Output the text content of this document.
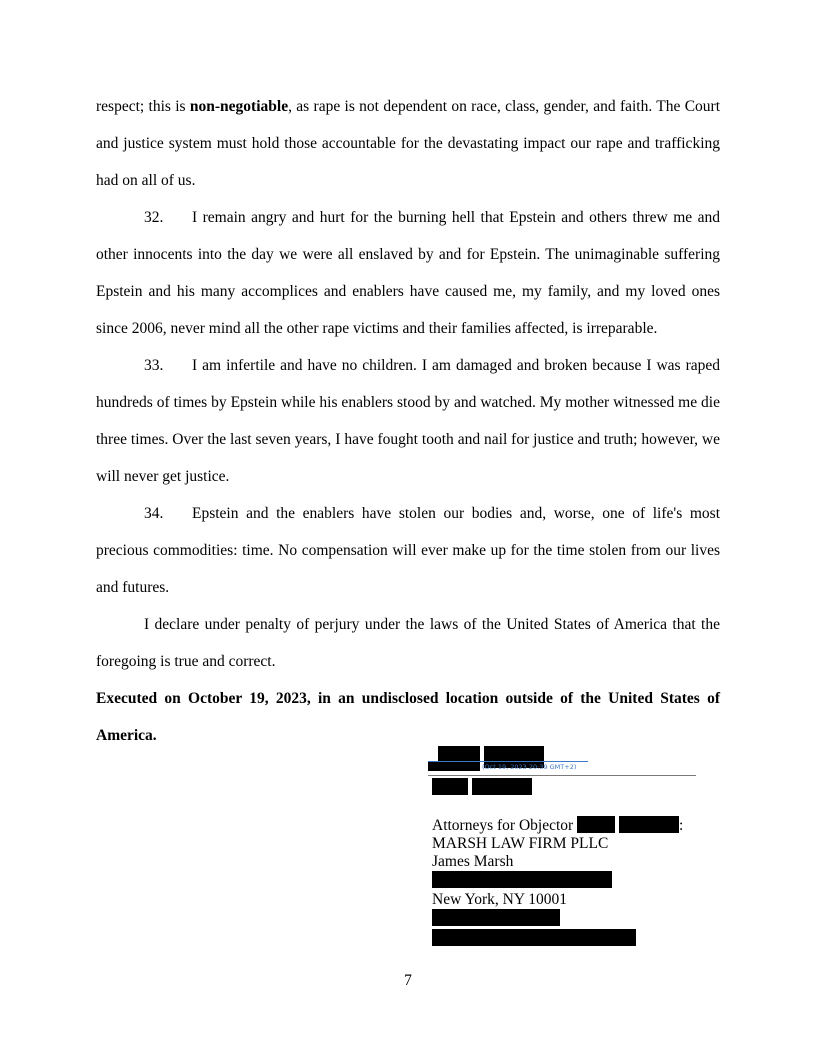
respect; this is non-negotiable, as rape is not dependent on race, class, gender, and faith. The Court and justice system must hold those accountable for the devastating impact our rape and trafficking had on all of us.

32. I remain angry and hurt for the burning hell that Epstein and others threw me and other innocents into the day we were all enslaved by and for Epstein. The unimaginable suffering Epstein and his many accomplices and enablers have caused me, my family, and my loved ones since 2006, never mind all the other rape victims and their families affected, is irreparable.

33. I am infertile and have no children. I am damaged and broken because I was raped hundreds of times by Epstein while his enablers stood by and watched. My mother witnessed me die three times. Over the last seven years, I have fought tooth and nail for justice and truth; however, we will never get justice.

34. Epstein and the enablers have stolen our bodies and, worse, one of life's most precious commodities: time. No compensation will ever make up for the time stolen from our lives and futures.

I declare under penalty of perjury under the laws of the United States of America that the foregoing is true and correct.

Executed on October 19, 2023, in an undisclosed location outside of the United States of America.

(Oct 19, 2023 20:39 GMT+2)
Attorneys for Objector	:
MARSH LAW FIRM PLLC
James Marsh
New York, NY 10001
7
